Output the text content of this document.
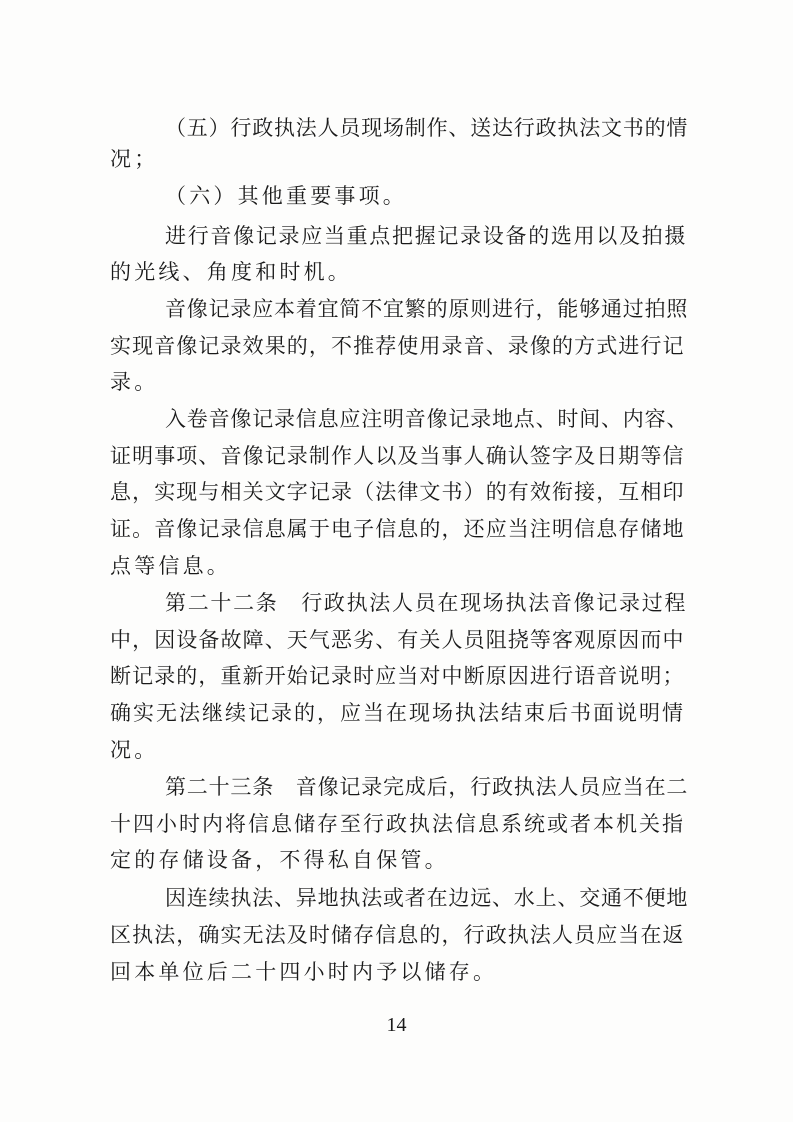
（五）行政执法人员现场制作、送达行政执法文书的情
况；
（六）其他重要事项。
进行音像记录应当重点把握记录设备的选用以及拍摄
的光线、角度和时机。
音像记录应本着宜简不宜繁的原则进行，能够通过拍照
实现音像记录效果的，不推荐使用录音、录像的方式进行记
录。
入卷音像记录信息应注明音像记录地点、时间、内容、
证明事项、音像记录制作人以及当事人确认签字及日期等信
息，实现与相关文字记录（法律文书）的有效衔接，互相印
证。音像记录信息属于电子信息的，还应当注明信息存储地
点等信息。
第二十二条　行政执法人员在现场执法音像记录过程
中，因设备故障、天气恶劣、有关人员阻挠等客观原因而中
断记录的，重新开始记录时应当对中断原因进行语音说明；
确实无法继续记录的，应当在现场执法结束后书面说明情
况。
第二十三条　音像记录完成后，行政执法人员应当在二
十四小时内将信息储存至行政执法信息系统或者本机关指
定的存储设备，不得私自保管。
因连续执法、异地执法或者在边远、水上、交通不便地
区执法，确实无法及时储存信息的，行政执法人员应当在返
回本单位后二十四小时内予以储存。
14
